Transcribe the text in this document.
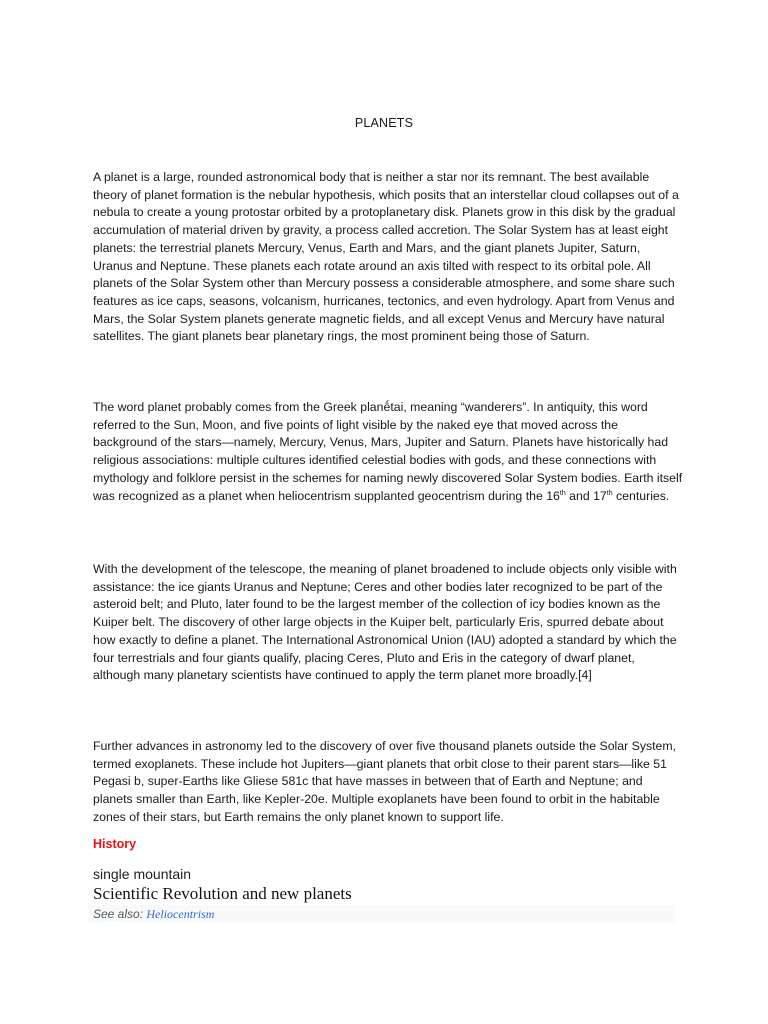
PLANETS

A planet is a large, rounded astronomical body that is neither a star nor its remnant. The best available theory of planet formation is the nebular hypothesis, which posits that an interstellar cloud collapses out of a nebula to create a young protostar orbited by a protoplanetary disk. Planets grow in this disk by the gradual accumulation of material driven by gravity, a process called accretion. The Solar System has at least eight planets: the terrestrial planets Mercury, Venus, Earth and Mars, and the giant planets Jupiter, Saturn, Uranus and Neptune. These planets each rotate around an axis tilted with respect to its orbital pole. All planets of the Solar System other than Mercury possess a considerable atmosphere, and some share such features as ice caps, seasons, volcanism, hurricanes, tectonics, and even hydrology. Apart from Venus and Mars, the Solar System planets generate magnetic fields, and all except Venus and Mercury have natural satellites. The giant planets bear planetary rings, the most prominent being those of Saturn.

The word planet probably comes from the Greek planḗtai, meaning “wanderers”. In antiquity, this word referred to the Sun, Moon, and five points of light visible by the naked eye that moved across the background of the stars—namely, Mercury, Venus, Mars, Jupiter and Saturn. Planets have historically had religious associations: multiple cultures identified celestial bodies with gods, and these connections with mythology and folklore persist in the schemes for naming newly discovered Solar System bodies. Earth itself was recognized as a planet when heliocentrism supplanted geocentrism during the 16th and 17th centuries.

With the development of the telescope, the meaning of planet broadened to include objects only visible with assistance: the ice giants Uranus and Neptune; Ceres and other bodies later recognized to be part of the asteroid belt; and Pluto, later found to be the largest member of the collection of icy bodies known as the Kuiper belt. The discovery of other large objects in the Kuiper belt, particularly Eris, spurred debate about how exactly to define a planet. The International Astronomical Union (IAU) adopted a standard by which the four terrestrials and four giants qualify, placing Ceres, Pluto and Eris in the category of dwarf planet, although many planetary scientists have continued to apply the term planet more broadly.[4]

Further advances in astronomy led to the discovery of over five thousand planets outside the Solar System, termed exoplanets. These include hot Jupiters—giant planets that orbit close to their parent stars—like 51 Pegasi b, super-Earths like Gliese 581c that have masses in between that of Earth and Neptune; and planets smaller than Earth, like Kepler-20e. Multiple exoplanets have been found to orbit in the habitable zones of their stars, but Earth remains the only planet known to support life.

History
single mountain
Scientific Revolution and new planets
See also: Heliocentrism
